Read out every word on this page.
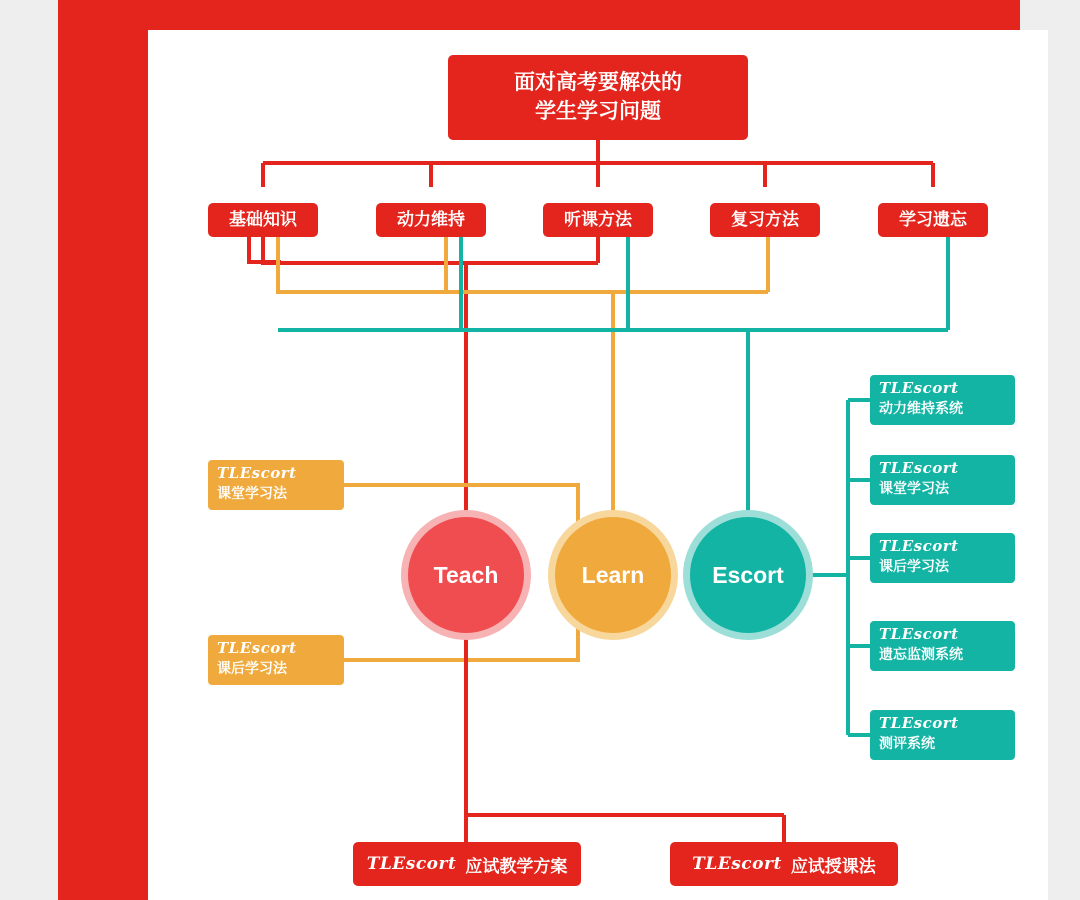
面对高考要解决的
学生学习问题
基础知识	动力维持	听课方法	复习方法	学习遗忘
Teach	Learn	Escort
TLEscort
课堂学习法
TLEscort
课后学习法
TLEscort
动力维持系统
TLEscort
课堂学习法
TLEscort
课后学习法
TLEscort
遗忘监测系统
TLEscort
测评系统
TLEscort 应试教学方案	TLEscort 应试授课法
